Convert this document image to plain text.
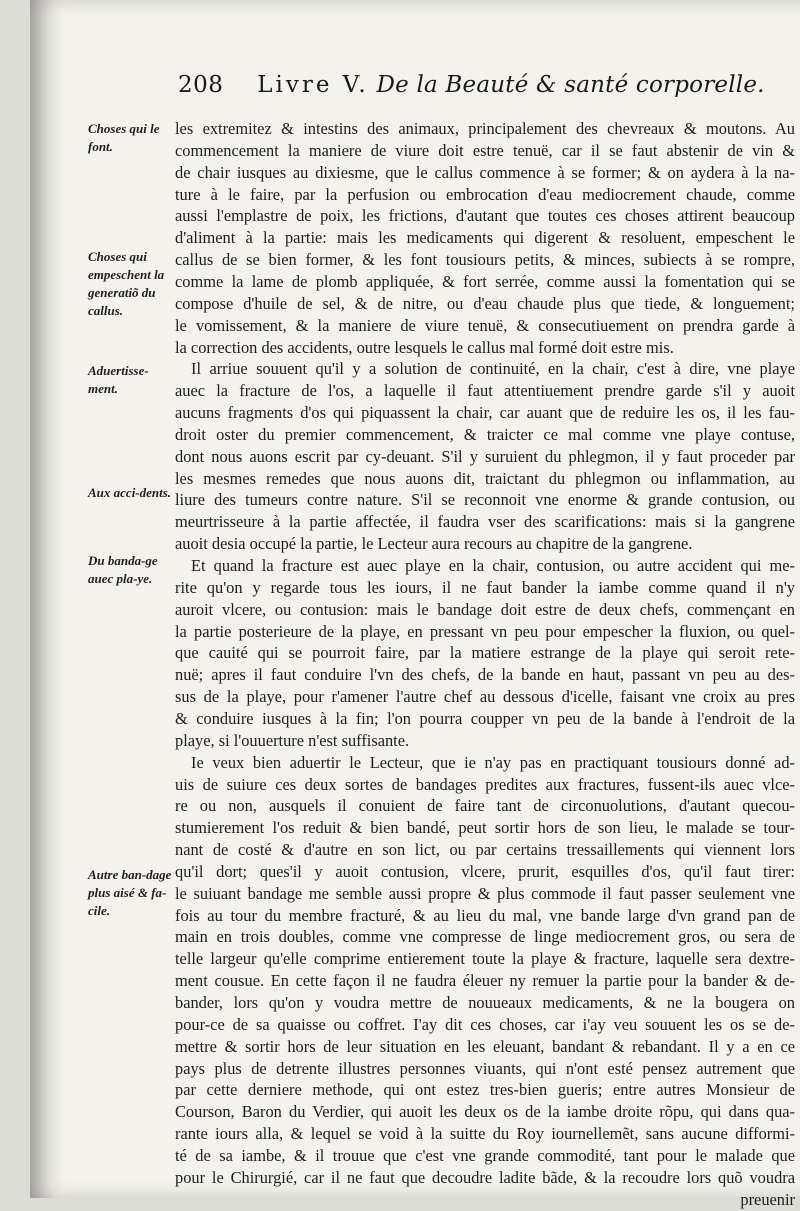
208 Livre V. De la Beauté & santé corporelle.
Choses qui le font.
Choses qui empeschent la generatiõ du callus.
Aduertisse-ment.
Aux acci-dents.
Du banda-ge auec pla-ye.
Autre ban-dage plus aisé & fa-cile.
les extremitez & intestins des animaux, principalement des chevreaux & moutons. Au
commencement la maniere de viure doit estre tenuë, car il se faut abstenir de vin &
de chair iusques au dixiesme, que le callus commence à se former; & on aydera à la na-
ture à le faire, par la perfusion ou embrocation d'eau mediocrement chaude, comme
aussi l'emplastre de poix, les frictions, d'autant que toutes ces choses attirent beaucoup
d'aliment à la partie: mais les medicaments qui digerent & resoluent, empeschent le
callus de se bien former, & les font tousiours petits, & minces, subiects à se rompre,
comme la lame de plomb appliquée, & fort serrée, comme aussi la fomentation qui se
compose d'huile de sel, & de nitre, ou d'eau chaude plus que tiede, & longuement;
le vomissement, & la maniere de viure tenuë, & consecutiuement on prendra garde à
la correction des accidents, outre lesquels le callus mal formé doit estre mis.
Il arriue souuent qu'il y a solution de continuité, en la chair, c'est à dire, vne playe
auec la fracture de l'os, a laquelle il faut attentiuement prendre garde s'il y auoit
aucuns fragments d'os qui piquassent la chair, car auant que de reduire les os, il les fau-
droit oster du premier commencement, & traicter ce mal comme vne playe contuse,
dont nous auons escrit par cy-deuant. S'il y suruient du phlegmon, il y faut proceder par
les mesmes remedes que nous auons dit, traictant du phlegmon ou inflammation, au
liure des tumeurs contre nature. S'il se reconnoit vne enorme & grande contusion, ou
meurtrisseure à la partie affectée, il faudra vser des scarifications: mais si la gangrene
auoit desia occupé la partie, le Lecteur aura recours au chapitre de la gangrene.
Et quand la fracture est auec playe en la chair, contusion, ou autre accident qui me-
rite qu'on y regarde tous les iours, il ne faut bander la iambe comme quand il n'y
auroit vlcere, ou contusion: mais le bandage doit estre de deux chefs, commençant en
la partie posterieure de la playe, en pressant vn peu pour empescher la fluxion, ou quel-
que cauité qui se pourroit faire, par la matiere estrange de la playe qui seroit rete-
nuë; apres il faut conduire l'vn des chefs, de la bande en haut, passant vn peu au des-
sus de la playe, pour r'amener l'autre chef au dessous d'icelle, faisant vne croix au pres
& conduire iusques à la fin; l'on pourra coupper vn peu de la bande à l'endroit de la
playe, si l'ouuerture n'est suffisante.
Ie veux bien aduertir le Lecteur, que ie n'ay pas en practiquant tousiours donné ad-
uis de suiure ces deux sortes de bandages predites aux fractures, fussent-ils auec vlce-
re ou non, ausquels il conuient de faire tant de circonuolutions, d'autant quecou-
stumierement l'os reduit & bien bandé, peut sortir hors de son lieu, le malade se tour-
nant de costé & d'autre en son lict, ou par certains tressaillements qui viennent lors
qu'il dort; ques'il y auoit contusion, vlcere, prurit, esquilles d'os, qu'il faut tirer:
le suiuant bandage me semble aussi propre & plus commode il faut passer seulement vne
fois au tour du membre fracturé, & au lieu du mal, vne bande large d'vn grand pan de
main en trois doubles, comme vne compresse de linge mediocrement gros, ou sera de
telle largeur qu'elle comprime entierement toute la playe & fracture, laquelle sera dextre-
ment cousue. En cette façon il ne faudra éleuer ny remuer la partie pour la bander & de-
bander, lors qu'on y voudra mettre de nouueaux medicaments, & ne la bougera on
pour-ce de sa quaisse ou coffret. I'ay dit ces choses, car i'ay veu souuent les os se de-
mettre & sortir hors de leur situation en les eleuant, bandant & rebandant. Il y a en ce
pays plus de detrente illustres personnes viuants, qui n'ont esté pensez autrement que
par cette derniere methode, qui ont estez tres-bien gueris; entre autres Monsieur de
Courson, Baron du Verdier, qui auoit les deux os de la iambe droite rõpu, qui dans qua-
rante iours alla, & lequel se void à la suitte du Roy iournellemẽt, sans aucune difformi-
té de sa iambe, & il trouue que c'est vne grande commodité, tant pour le malade que
pour le Chirurgié, car il ne faut que decoudre ladite bãde, & la recoudre lors quõ voudra
preuenir
